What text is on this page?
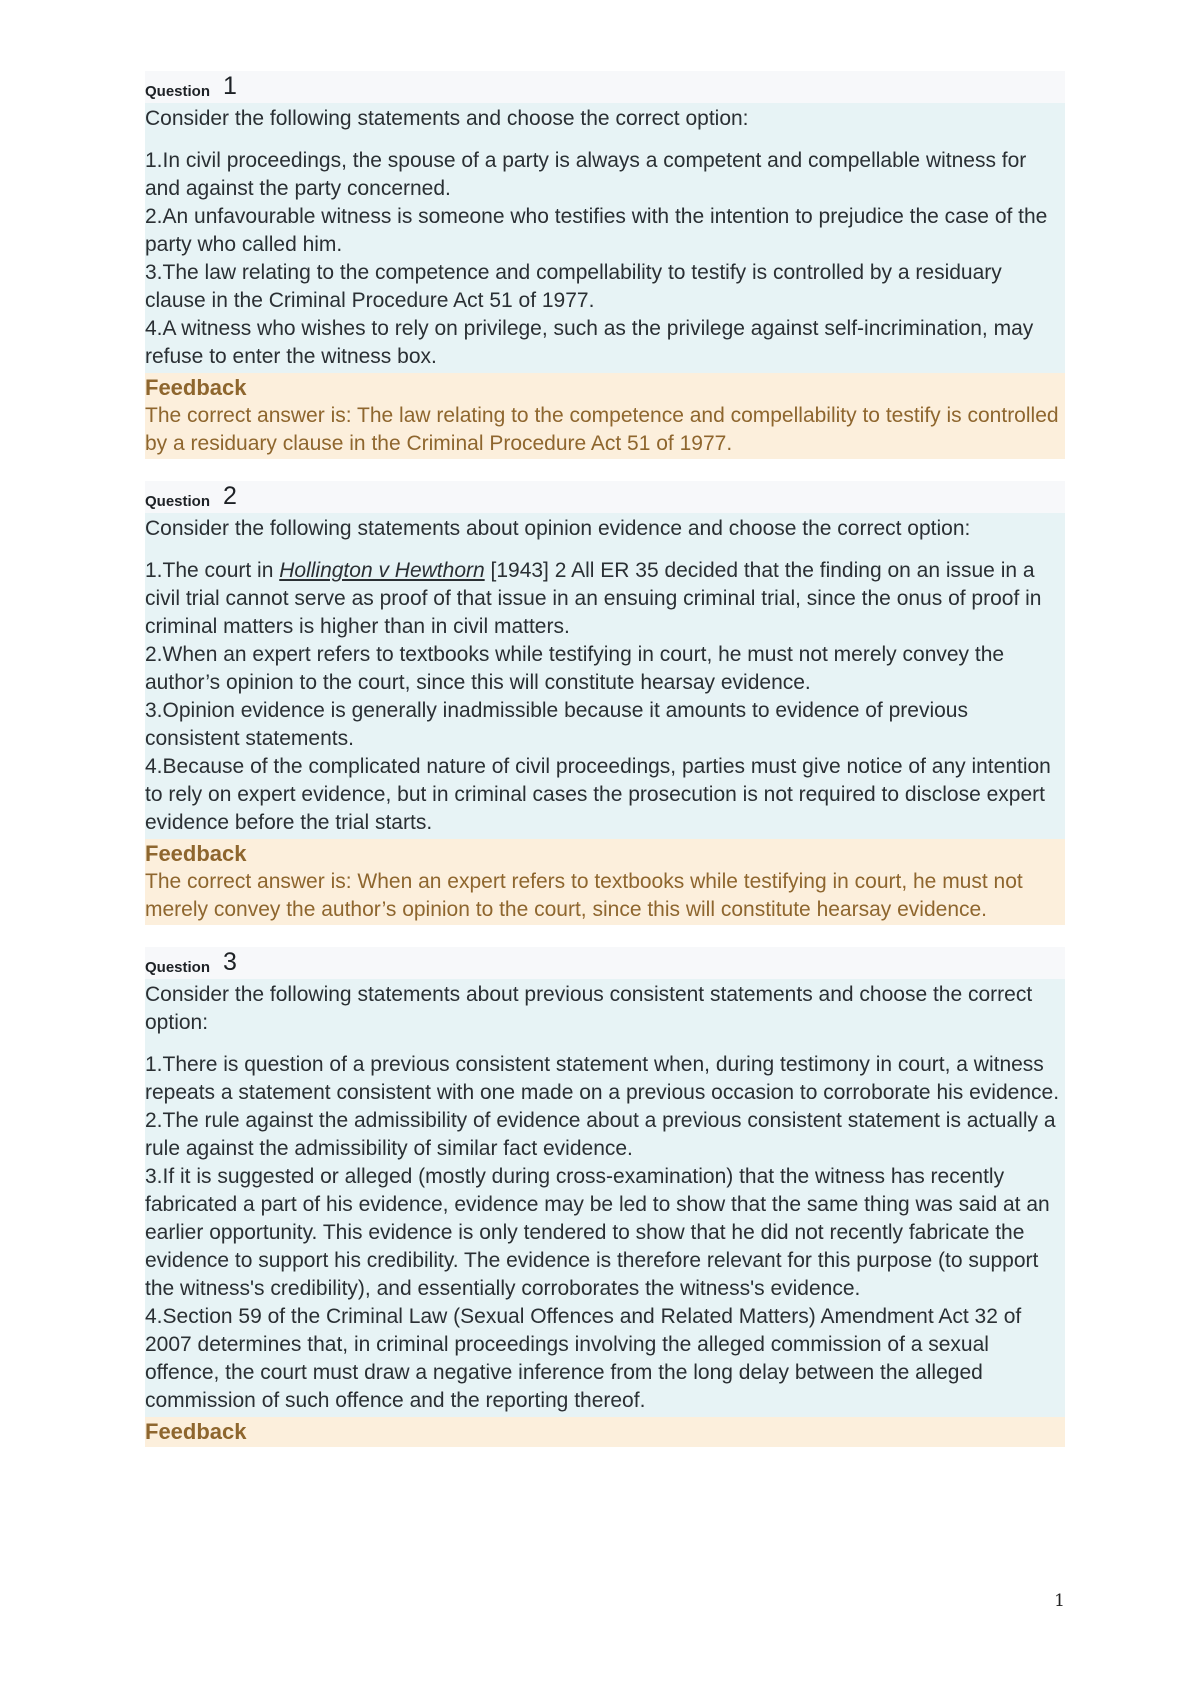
Question 1

Consider the following statements and choose the correct option:

1.In civil proceedings, the spouse of a party is always a competent and compellable witness for and against the party concerned.

2.An unfavourable witness is someone who testifies with the intention to prejudice the case of the party who called him.

3.The law relating to the competence and compellability to testify is controlled by a residuary clause in the Criminal Procedure Act 51 of 1977.

4.A witness who wishes to rely on privilege, such as the privilege against self-incrimination, may refuse to enter the witness box.

Feedback
The correct answer is: The law relating to the competence and compellability to testify is controlled by a residuary clause in the Criminal Procedure Act 51 of 1977.
Question 2

Consider the following statements about opinion evidence and choose the correct option:

1.The court in Hollington v Hewthorn [1943] 2 All ER 35 decided that the finding on an issue in a civil trial cannot serve as proof of that issue in an ensuing criminal trial, since the onus of proof in criminal matters is higher than in civil matters.

2.When an expert refers to textbooks while testifying in court, he must not merely convey the author’s opinion to the court, since this will constitute hearsay evidence.

3.Opinion evidence is generally inadmissible because it amounts to evidence of previous consistent statements.

4.Because of the complicated nature of civil proceedings, parties must give notice of any intention to rely on expert evidence, but in criminal cases the prosecution is not required to disclose expert evidence before the trial starts.

Feedback
The correct answer is: When an expert refers to textbooks while testifying in court, he must not merely convey the author’s opinion to the court, since this will constitute hearsay evidence.
Question 3

Consider the following statements about previous consistent statements and choose the correct option:

1.There is question of a previous consistent statement when, during testimony in court, a witness repeats a statement consistent with one made on a previous occasion to corroborate his evidence.

2.The rule against the admissibility of evidence about a previous consistent statement is actually a rule against the admissibility of similar fact evidence.

3.If it is suggested or alleged (mostly during cross-examination) that the witness has recently fabricated a part of his evidence, evidence may be led to show that the same thing was said at an earlier opportunity. This evidence is only tendered to show that he did not recently fabricate the evidence to support his credibility. The evidence is therefore relevant for this purpose (to support the witness's credibility), and essentially corroborates the witness's evidence.

4.Section 59 of the Criminal Law (Sexual Offences and Related Matters) Amendment Act 32 of 2007 determines that, in criminal proceedings involving the alleged commission of a sexual offence, the court must draw a negative inference from the long delay between the alleged commission of such offence and the reporting thereof.

Feedback
1
